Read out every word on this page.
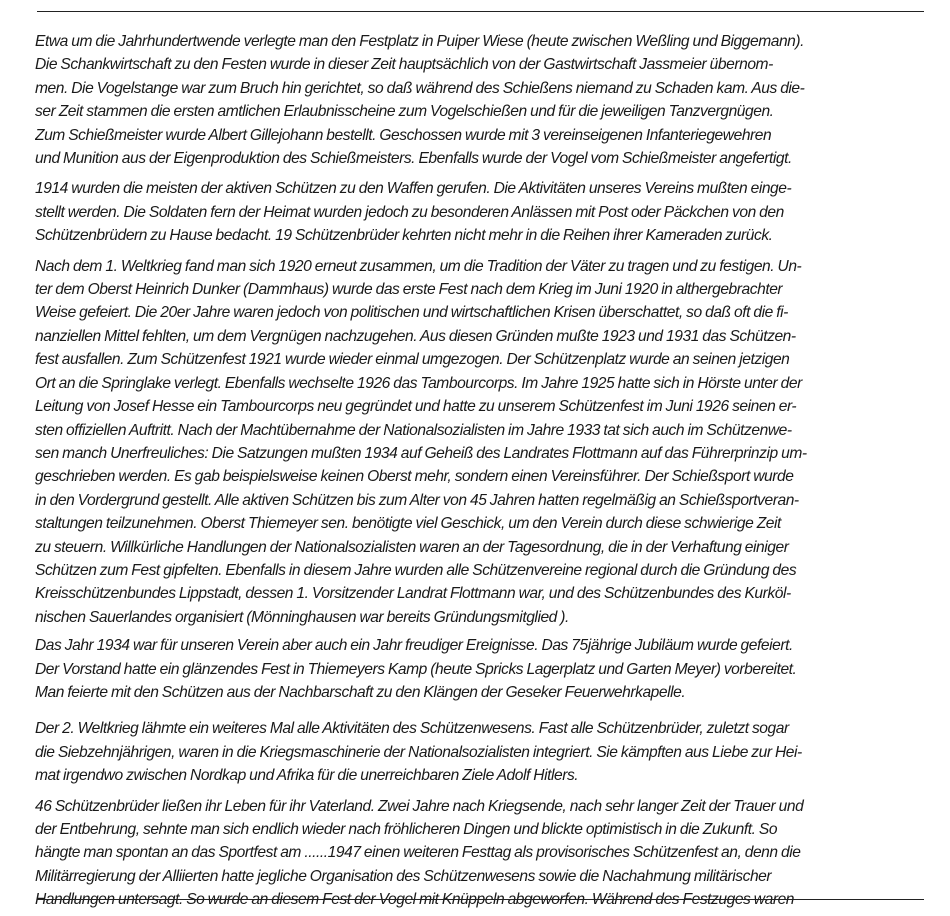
Etwa um die Jahrhundertwende verlegte man den Festplatz in Puiper Wiese (heute zwischen Weßling und Biggemann).
Die Schankwirtschaft zu den Festen wurde in dieser Zeit hauptsächlich von der Gastwirtschaft Jassmeier übernom-
men. Die Vogelstange war zum Bruch hin gerichtet, so daß während des Schießens niemand zu Schaden kam. Aus die-
ser Zeit stammen die ersten amtlichen Erlaubnisscheine zum Vogelschießen und für die jeweiligen Tanzvergnügen.
Zum Schießmeister wurde Albert Gillejohann bestellt. Geschossen wurde mit 3 vereinseigenen Infanteriegewehren
und Munition aus der Eigenproduktion des Schießmeisters. Ebenfalls wurde der Vogel vom Schießmeister angefertigt.

1914 wurden die meisten der aktiven Schützen zu den Waffen gerufen. Die Aktivitäten unseres Vereins mußten einge-
stellt werden. Die Soldaten fern der Heimat wurden jedoch zu besonderen Anlässen mit Post oder Päckchen von den
Schützenbrüdern zu Hause bedacht. 19 Schützenbrüder kehrten nicht mehr in die Reihen ihrer Kameraden zurück.

Nach dem 1. Weltkrieg fand man sich 1920 erneut zusammen, um die Tradition der Väter zu tragen und zu festigen. Un-
ter dem Oberst Heinrich Dunker (Dammhaus) wurde das erste Fest nach dem Krieg im Juni 1920 in althergebrachter
Weise gefeiert. Die 20er Jahre waren jedoch von politischen und wirtschaftlichen Krisen überschattet, so daß oft die fi-
nanziellen Mittel fehlten, um dem Vergnügen nachzugehen. Aus diesen Gründen mußte 1923 und 1931 das Schützen-
fest ausfallen. Zum Schützenfest 1921 wurde wieder einmal umgezogen. Der Schützenplatz wurde an seinen jetzigen
Ort an die Springlake verlegt. Ebenfalls wechselte 1926 das Tambourcorps. Im Jahre 1925 hatte sich in Hörste unter der
Leitung von Josef Hesse ein Tambourcorps neu gegründet und hatte zu unserem Schützenfest im Juni 1926 seinen er-
sten offiziellen Auftritt. Nach der Machtübernahme der Nationalsozialisten im Jahre 1933 tat sich auch im Schützenwe-
sen manch Unerfreuliches: Die Satzungen mußten 1934 auf Geheiß des Landrates Flottmann auf das Führerprinzip um-
geschrieben werden. Es gab beispielsweise keinen Oberst mehr, sondern einen Vereinsführer. Der Schießsport wurde
in den Vordergrund gestellt. Alle aktiven Schützen bis zum Alter von 45 Jahren hatten regelmäßig an Schießsportveran-
staltungen teilzunehmen. Oberst Thiemeyer sen. benötigte viel Geschick, um den Verein durch diese schwierige Zeit
zu steuern. Willkürliche Handlungen der Nationalsozialisten waren an der Tagesordnung, die in der Verhaftung einiger
Schützen zum Fest gipfelten. Ebenfalls in diesem Jahre wurden alle Schützenvereine regional durch die Gründung des
Kreisschützenbundes Lippstadt, dessen 1. Vorsitzender Landrat Flottmann war, und des Schützenbundes des Kurköl-
nischen Sauerlandes organisiert (Mönninghausen war bereits Gründungsmitglied ).

Das Jahr 1934 war für unseren Verein aber auch ein Jahr freudiger Ereignisse. Das 75jährige Jubiläum wurde gefeiert.
Der Vorstand hatte ein glänzendes Fest in Thiemeyers Kamp (heute Spricks Lagerplatz und Garten Meyer) vorbereitet.
Man feierte mit den Schützen aus der Nachbarschaft zu den Klängen der Geseker Feuerwehrkapelle.

Der 2. Weltkrieg lähmte ein weiteres Mal alle Aktivitäten des Schützenwesens. Fast alle Schützenbrüder, zuletzt sogar
die Siebzehnjährigen, waren in die Kriegsmaschinerie der Nationalsozialisten integriert. Sie kämpften aus Liebe zur Hei-
mat irgendwo zwischen Nordkap und Afrika für die unerreichbaren Ziele Adolf Hitlers.

46 Schützenbrüder ließen ihr Leben für ihr Vaterland. Zwei Jahre nach Kriegsende, nach sehr langer Zeit der Trauer und
der Entbehrung, sehnte man sich endlich wieder nach fröhlicheren Dingen und blickte optimistisch in die Zukunft. So
hängte man spontan an das Sportfest am ......1947 einen weiteren Festtag als provisorisches Schützenfest an, denn die
Militärregierung der Alliierten hatte jegliche Organisation des Schützenwesens sowie die Nachahmung militärischer
Handlungen untersagt. So wurde an diesem Fest der Vogel mit Knüppeln abgeworfen. Während des Festzuges waren
